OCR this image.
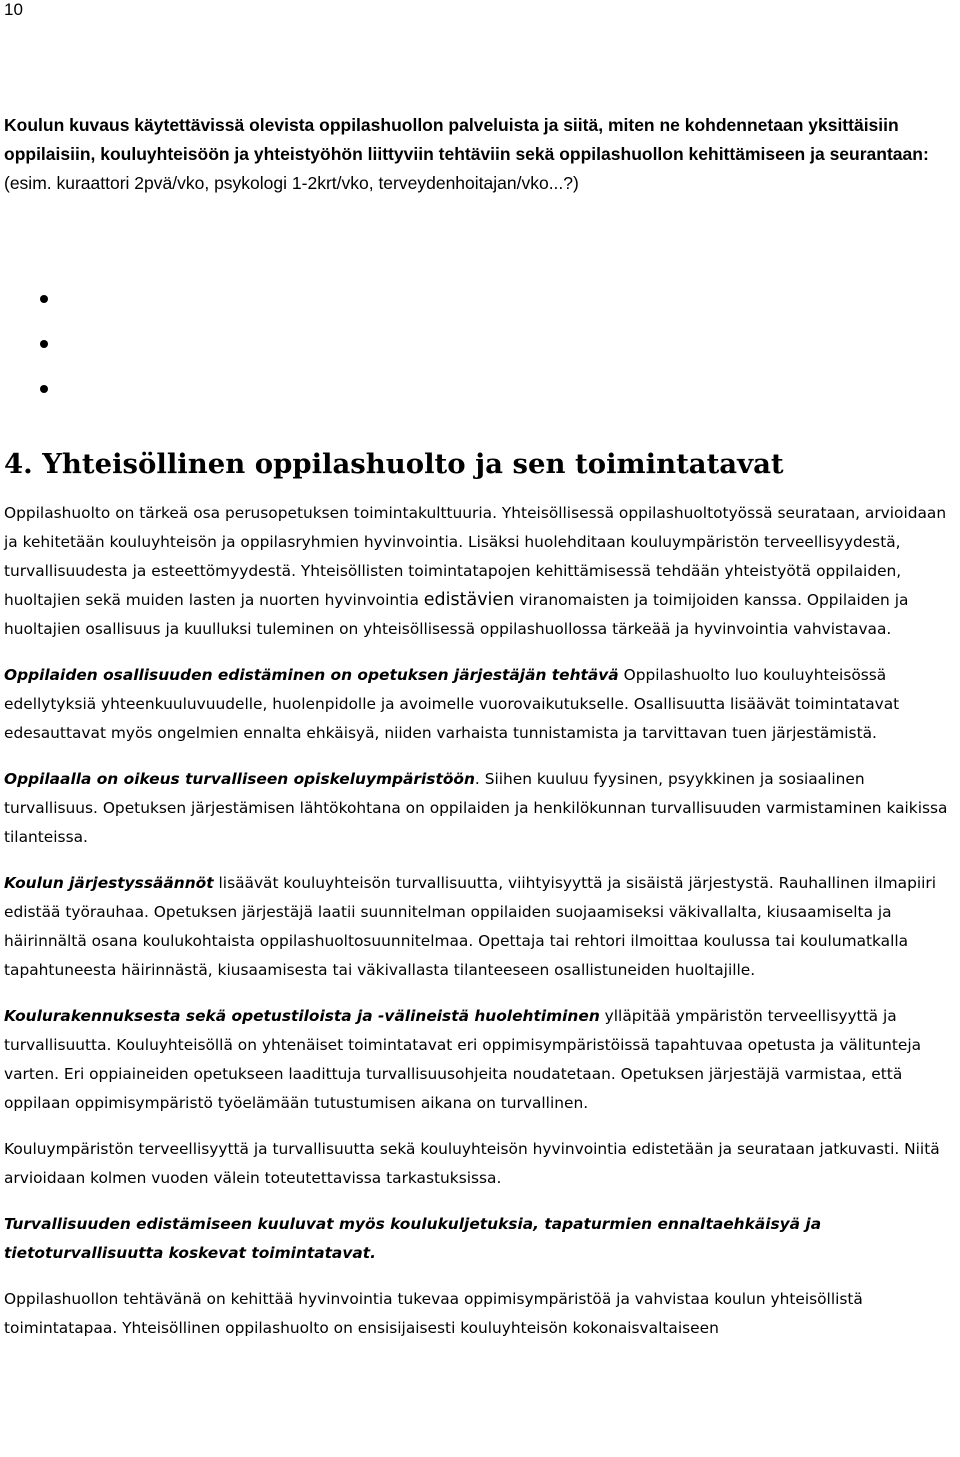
10
Koulun kuvaus käytettävissä olevista oppilashuollon palveluista ja siitä, miten ne kohdennetaan yksittäisiin oppilaisiin, kouluyhteisöön ja yhteistyöhön liittyviin tehtäviin sekä oppilashuollon kehittämiseen ja seurantaan: (esim. kuraattori 2pvä/vko, psykologi 1-2krt/vko, terveydenhoitajan/vko...?)
4. Yhteisöllinen oppilashuolto ja sen toimintatavat

Oppilashuolto on tärkeä osa perusopetuksen toimintakulttuuria. Yhteisöllisessä oppilashuoltotyössä seurataan, arvioidaan ja kehitetään kouluyhteisön ja oppilasryhmien hyvinvointia. Lisäksi huolehditaan kouluympäristön terveellisyydestä, turvallisuudesta ja esteettömyydestä. Yhteisöllisten toimintatapojen kehittämisessä tehdään yhteistyötä oppilaiden, huoltajien sekä muiden lasten ja nuorten hyvinvointia edistävien viranomaisten ja toimijoiden kanssa. Oppilaiden ja huoltajien osallisuus ja kuulluksi tuleminen on yhteisöllisessä oppilashuollossa tärkeää ja hyvinvointia vahvistavaa.

Oppilaiden osallisuuden edistäminen on opetuksen järjestäjän tehtävä Oppilashuolto luo kouluyhteisössä edellytyksiä yhteenkuuluvuudelle, huolenpidolle ja avoimelle vuorovaikutukselle. Osallisuutta lisäävät toimintatavat edesauttavat myös ongelmien ennalta ehkäisyä, niiden varhaista tunnistamista ja tarvittavan tuen järjestämistä.

Oppilaalla on oikeus turvalliseen opiskeluympäristöön. Siihen kuuluu fyysinen, psyykkinen ja sosiaalinen turvallisuus. Opetuksen järjestämisen lähtökohtana on oppilaiden ja henkilökunnan turvallisuuden varmistaminen kaikissa tilanteissa.

Koulun järjestyssäännöt lisäävät kouluyhteisön turvallisuutta, viihtyisyyttä ja sisäistä järjestystä. Rauhallinen ilmapiiri edistää työrauhaa. Opetuksen järjestäjä laatii suunnitelman oppilaiden suojaamiseksi väkivallalta, kiusaamiselta ja häirinnältä osana koulukohtaista oppilashuoltosuunnitelmaa. Opettaja tai rehtori ilmoittaa koulussa tai koulumatkalla tapahtuneesta häirinnästä, kiusaamisesta tai väkivallasta tilanteeseen osallistuneiden huoltajille.

Koulurakennuksesta sekä opetustiloista ja -välineistä huolehtiminen ylläpitää ympäristön terveellisyyttä ja turvallisuutta. Kouluyhteisöllä on yhtenäiset toimintatavat eri oppimisympäristöissä tapahtuvaa opetusta ja välitunteja varten. Eri oppiaineiden opetukseen laadittuja turvallisuusohjeita noudatetaan. Opetuksen järjestäjä varmistaa, että oppilaan oppimisympäristö työelämään tutustumisen aikana on turvallinen.

Kouluympäristön terveellisyyttä ja turvallisuutta sekä kouluyhteisön hyvinvointia edistetään ja seurataan jatkuvasti. Niitä arvioidaan kolmen vuoden välein toteutettavissa tarkastuksissa.

Turvallisuuden edistämiseen kuuluvat myös koulukuljetuksia, tapaturmien ennaltaehkäisyä ja tietoturvallisuutta koskevat toimintatavat.

Oppilashuollon tehtävänä on kehittää hyvinvointia tukevaa oppimisympäristöä ja vahvistaa koulun yhteisöllistä toimintatapaa. Yhteisöllinen oppilashuolto on ensisijaisesti kouluyhteisön kokonaisvaltaiseen
